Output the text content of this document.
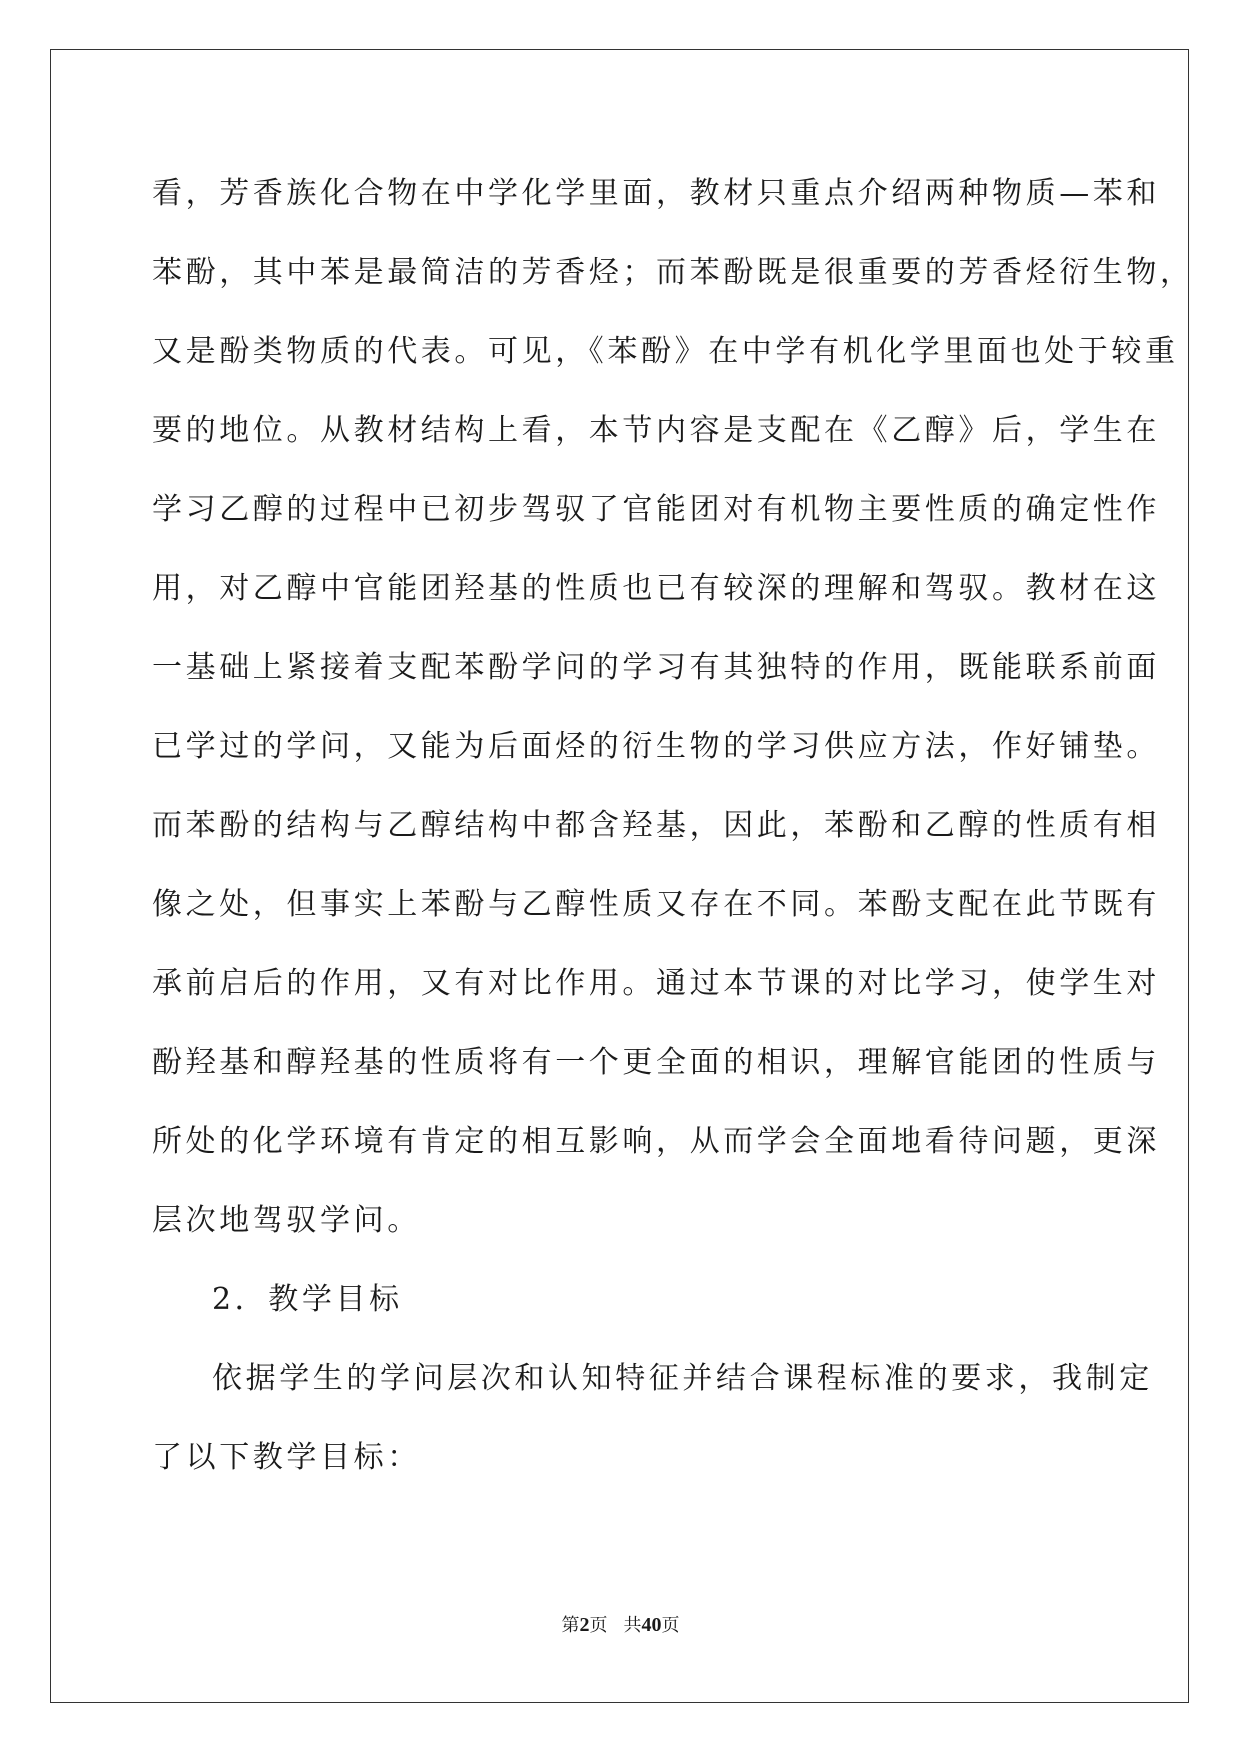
看，芳香族化合物在中学化学里面，教材只重点介绍两种物质—苯和

苯酚，其中苯是最简洁的芳香烃；而苯酚既是很重要的芳香烃衍生物，

又是酚类物质的代表。可见，《苯酚》在中学有机化学里面也处于较重

要的地位。从教材结构上看，本节内容是支配在《乙醇》后，学生在

学习乙醇的过程中已初步驾驭了官能团对有机物主要性质的确定性作

用，对乙醇中官能团羟基的性质也已有较深的理解和驾驭。教材在这

一基础上紧接着支配苯酚学问的学习有其独特的作用，既能联系前面

已学过的学问，又能为后面烃的衍生物的学习供应方法，作好铺垫。

而苯酚的结构与乙醇结构中都含羟基，因此，苯酚和乙醇的性质有相

像之处，但事实上苯酚与乙醇性质又存在不同。苯酚支配在此节既有

承前启后的作用，又有对比作用。通过本节课的对比学习，使学生对

酚羟基和醇羟基的性质将有一个更全面的相识，理解官能团的性质与

所处的化学环境有肯定的相互影响，从而学会全面地看待问题，更深

层次地驾驭学问。

2．教学目标

依据学生的学问层次和认知特征并结合课程标准的要求，我制定

了以下教学目标：

第2页 共40页
